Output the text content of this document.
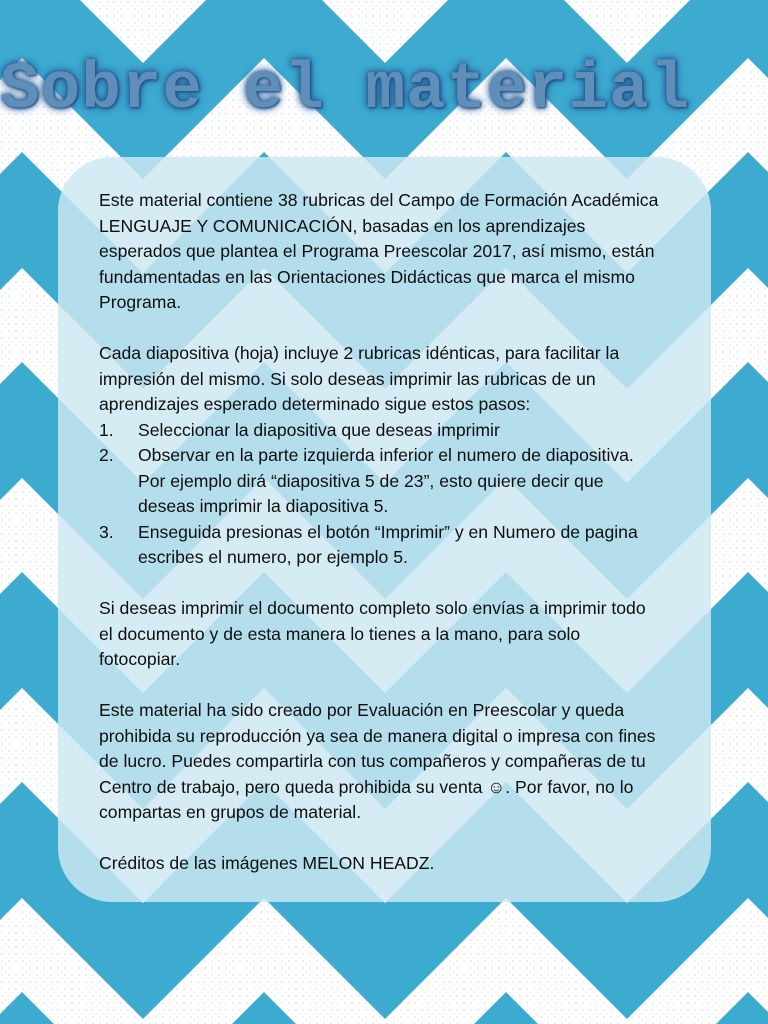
Sobre el material

Este material contiene 38 rubricas del Campo de Formación Académica LENGUAJE Y COMUNICACIÓN, basadas en los aprendizajes esperados que plantea el Programa Preescolar 2017, así mismo, están fundamentadas en las Orientaciones Didácticas que marca el mismo Programa.

Cada diapositiva (hoja) incluye 2 rubricas idénticas, para facilitar la impresión del mismo. Si solo deseas imprimir las rubricas de un aprendizajes esperado determinado sigue estos pasos:

1. Seleccionar la diapositiva que deseas imprimir
2. Observar en la parte izquierda inferior el numero de diapositiva. Por ejemplo dirá “diapositiva 5 de 23”, esto quiere decir que deseas imprimir la diapositiva 5.
3. Enseguida presionas el botón “Imprimir” y en Numero de pagina escribes el numero, por ejemplo 5.

Si deseas imprimir el documento completo solo envías a imprimir todo el documento y de esta manera lo tienes a la mano, para solo fotocopiar.

Este material ha sido creado por Evaluación en Preescolar y queda prohibida su reproducción ya sea de manera digital o impresa con fines de lucro. Puedes compartirla con tus compañeros y compañeras de tu Centro de trabajo, pero queda prohibida su venta ☺. Por favor, no lo compartas en grupos de material.

Créditos de las imágenes MELON HEADZ.
